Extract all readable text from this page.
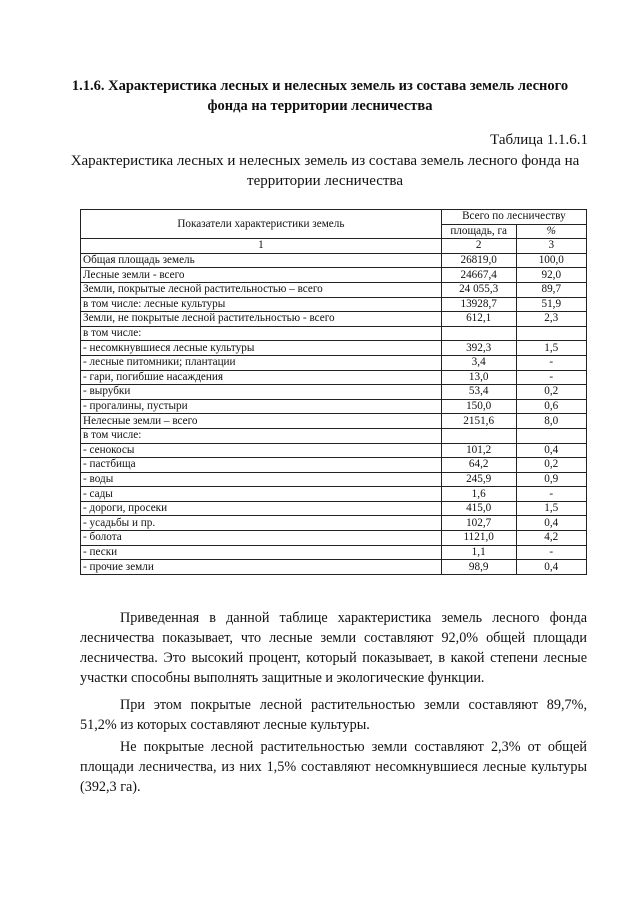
1.1.6. Характеристика лесных и нелесных земель из состава земель лесного фонда на территории лесничества
Таблица 1.1.6.1
Характеристика лесных и нелесных земель из состава земель лесного фонда на территории лесничества
Показатели характеристики земель	Всего по лесничеству	
	площадь, га	%
1	2	3
Общая площадь земель	26819,0	100,0
Лесные земли - всего	24667,4	92,0
Земли, покрытые лесной растительностью – всего	24 055,3	89,7
в том числе: лесные культуры	13928,7	51,9
Земли, не покрытые лесной растительностью - всего	612,1	2,3
в том числе:		
- несомкнувшиеся лесные культуры	392,3	1,5
- лесные питомники; плантации	3,4	-
- гари, погибшие насаждения	13,0	-
- вырубки	53,4	0,2
- прогалины, пустыри	150,0	0,6
Нелесные земли – всего	2151,6	8,0
в том числе:		
- сенокосы	101,2	0,4
- пастбища	64,2	0,2
- воды	245,9	0,9
- сады	1,6	-
- дороги, просеки	415,0	1,5
- усадьбы и пр.	102,7	0,4
- болота	1121,0	4,2
- пески	1,1	-
- прочие земли	98,9	0,4

Приведенная в данной таблице характеристика земель лесного фонда лесничества показывает, что лесные земли составляют 92,0% общей площади лесничества. Это высокий процент, который показывает, в какой степени лесные участки способны выполнять защитные и экологические функции.

При этом покрытые лесной растительностью земли составляют 89,7%, 51,2% из которых составляют лесные культуры.

Не покрытые лесной растительностью земли составляют 2,3% от общей площади лесничества, из них 1,5% составляют несомкнувшиеся лесные культуры (392,3 га).
